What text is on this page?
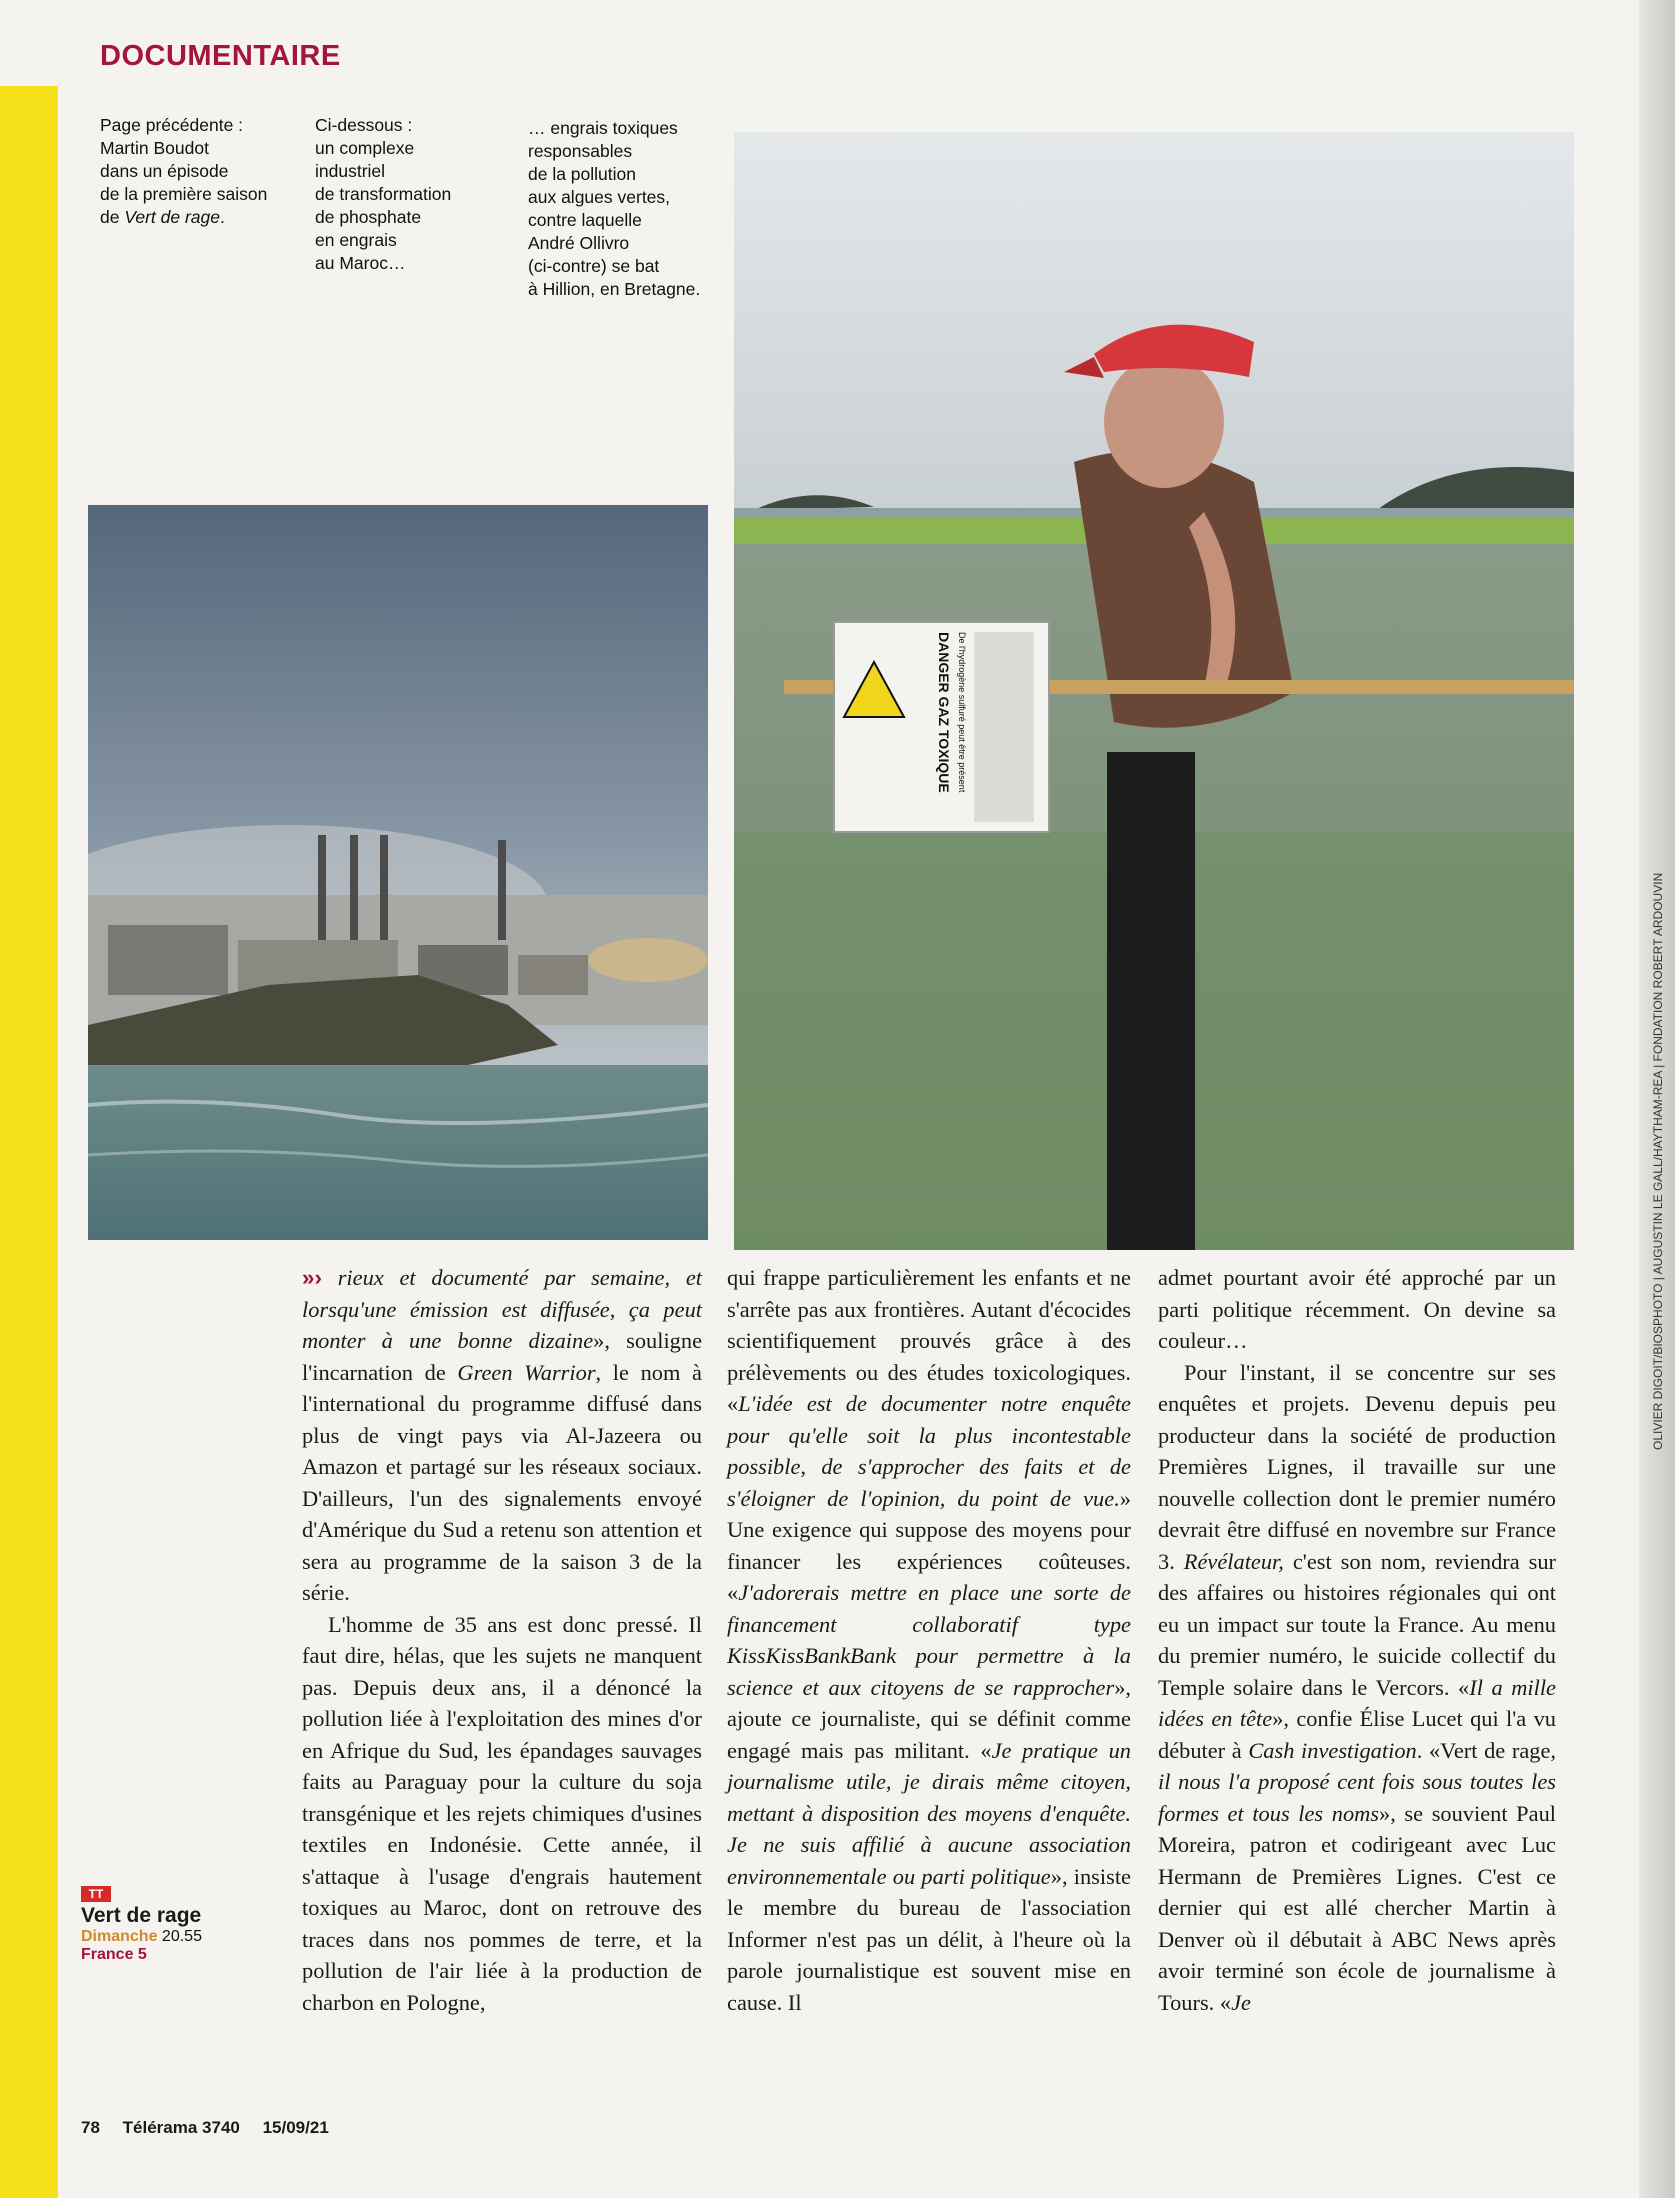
DOCUMENTAIRE
Page précédente :
Martin Boudot
dans un épisode
de la première saison
de Vert de rage.
Ci-dessous :
un complexe
industriel
de transformation
de phosphate
en engrais
au Maroc…
… engrais toxiques
responsables
de la pollution
aux algues vertes,
contre laquelle
André Ollivro
(ci-contre) se bat
à Hillion, en Bretagne.
DANGER GAZ TOXIQUE De l'hydrogène sulfuré peut être présent

»› rieux et documenté par semaine, et lorsqu'une émission est diffusée, ça peut monter à une bonne dizaine», souligne l'incarnation de Green Warrior, le nom à l'international du programme diffusé dans plus de vingt pays via Al-Jazeera ou Amazon et partagé sur les réseaux sociaux. D'ailleurs, l'un des signalements envoyé d'Amérique du Sud a retenu son attention et sera au programme de la saison 3 de la série.

L'homme de 35 ans est donc pressé. Il faut dire, hélas, que les sujets ne manquent pas. Depuis deux ans, il a dénoncé la pollution liée à l'exploitation des mines d'or en Afrique du Sud, les épandages sauvages faits au Paraguay pour la culture du soja transgénique et les rejets chimiques d'usines textiles en Indonésie. Cette année, il s'attaque à l'usage d'engrais hautement toxiques au Maroc, dont on retrouve des traces dans nos pommes de terre, et la pollution de l'air liée à la production de charbon en Pologne,

qui frappe particulièrement les enfants et ne s'arrête pas aux frontières. Autant d'écocides scientifiquement prouvés grâce à des prélèvements ou des études toxicologiques. «L'idée est de documenter notre enquête pour qu'elle soit la plus incontestable possible, de s'approcher des faits et de s'éloigner de l'opinion, du point de vue.» Une exigence qui suppose des moyens pour financer les expériences coûteuses. «J'adorerais mettre en place une sorte de financement collaboratif type KissKissBankBank pour permettre à la science et aux citoyens de se rapprocher», ajoute ce journaliste, qui se définit comme engagé mais pas militant. «Je pratique un journalisme utile, je dirais même citoyen, mettant à disposition des moyens d'enquête. Je ne suis affilié à aucune association environnementale ou parti politique», insiste le membre du bureau de l'association Informer n'est pas un délit, à l'heure où la parole journalistique est souvent mise en cause. Il

admet pourtant avoir été approché par un parti politique récemment. On devine sa couleur…

Pour l'instant, il se concentre sur ses enquêtes et projets. Devenu depuis peu producteur dans la société de production Premières Lignes, il travaille sur une nouvelle collection dont le premier numéro devrait être diffusé en novembre sur France 3. Révélateur, c'est son nom, reviendra sur des affaires ou histoires régionales qui ont eu un impact sur toute la France. Au menu du premier numéro, le suicide collectif du Temple solaire dans le Vercors. «Il a mille idées en tête», confie Élise Lucet qui l'a vu débuter à Cash investigation. «Vert de rage, il nous l'a proposé cent fois sous toutes les formes et tous les noms», se souvient Paul Moreira, patron et codirigeant avec Luc Hermann de Premières Lignes. C'est ce dernier qui est allé chercher Martin à Denver où il débutait à ABC News après avoir terminé son école de journalisme à Tours. «Je

TT
Vert de rage
Dimanche 20.55
France 5
78 Télérama 3740 15/09/21
OLIVIER DIGOIT/BIOSPHOTO | AUGUSTIN LE GALL/HAYTHAM-REA | FONDATION ROBERT ARDOUVIN
